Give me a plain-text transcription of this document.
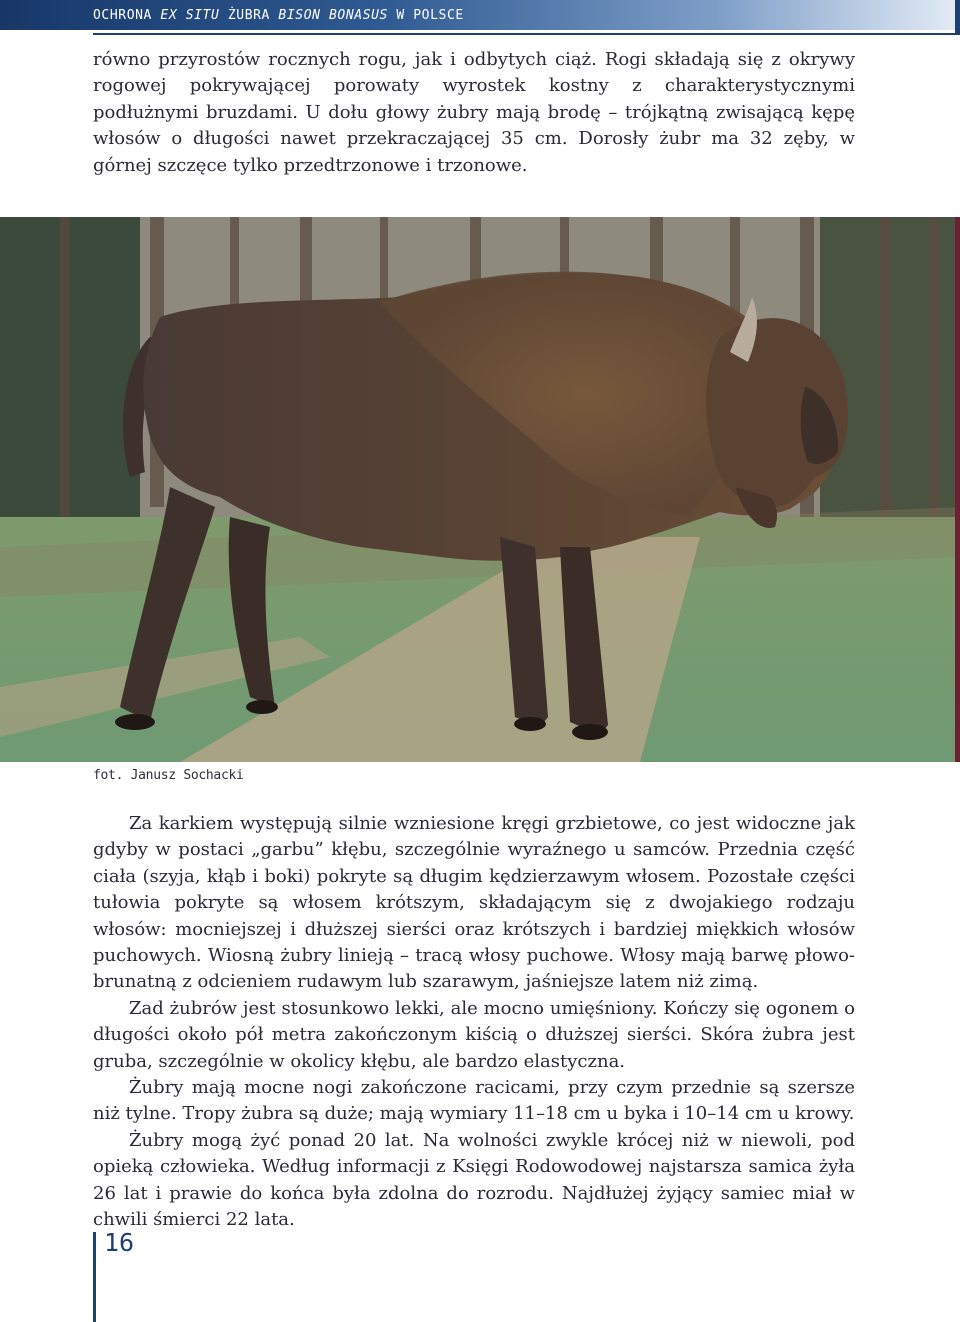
OCHRONA EX SITU ŻUBRA BISON BONASUS W POLSCE

równo przyrostów rocznych rogu, jak i odbytych ciąż. Rogi składają się z okrywy rogowej pokrywającej porowaty wyrostek kostny z charakterystycznymi podłużnymi bruzdami. U dołu głowy żubry mają brodę – trójkątną zwisającą kępę włosów o długości nawet przekraczającej 35 cm. Dorosły żubr ma 32 zęby, w górnej szczęce tylko przedtrzonowe i trzonowe.

fot. Janusz Sochacki

Za karkiem występują silnie wzniesione kręgi grzbietowe, co jest widoczne jak gdyby w postaci „garbu” kłębu, szczególnie wyraźnego u samców. Przednia część ciała (szyja, kłąb i boki) pokryte są długim kędzierzawym włosem. Pozostałe części tułowia pokryte są włosem krótszym, składającym się z dwojakiego rodzaju włosów: mocniejszej i dłuższej sierści oraz krótszych i bardziej miękkich włosów puchowych. Wiosną żubry linieją – tracą włosy puchowe. Włosy mają barwę płowo-brunatną z odcieniem rudawym lub szarawym, jaśniejsze latem niż zimą.

Zad żubrów jest stosunkowo lekki, ale mocno umięśniony. Kończy się ogonem o długości około pół metra zakończonym kiścią o dłuższej sierści. Skóra żubra jest gruba, szczególnie w okolicy kłębu, ale bardzo elastyczna.

Żubry mają mocne nogi zakończone racicami, przy czym przednie są szersze niż tylne. Tropy żubra są duże; mają wymiary 11–18 cm u byka i 10–14 cm u krowy.

Żubry mogą żyć ponad 20 lat. Na wolności zwykle krócej niż w niewoli, pod opieką człowieka. Według informacji z Księgi Rodowodowej najstarsza samica żyła 26 lat i prawie do końca była zdolna do rozrodu. Najdłużej żyjący samiec miał w chwili śmierci 22 lata.

16
